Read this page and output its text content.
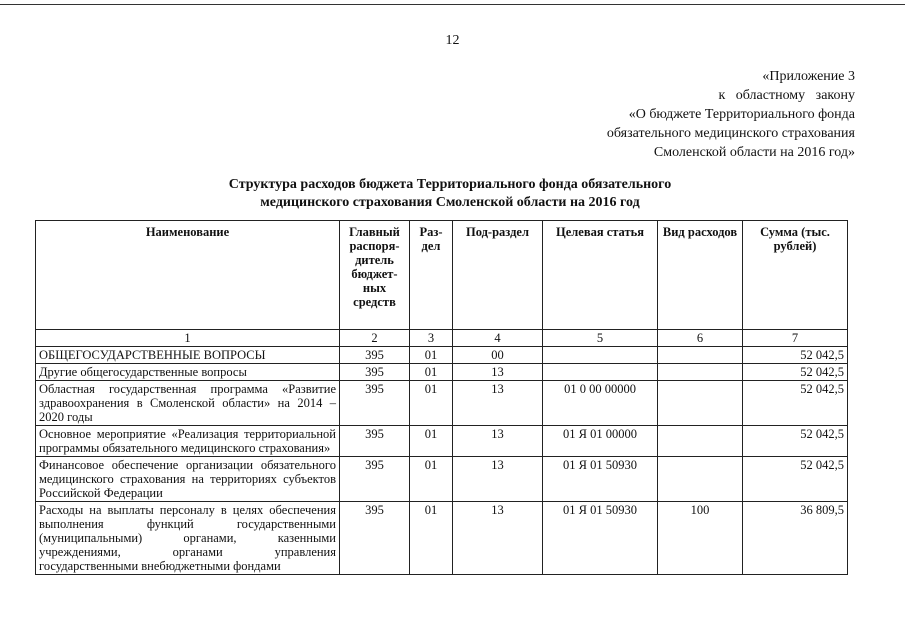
12
«Приложение 3
к областному закону
«О бюджете Территориального фонда
обязательного медицинского страхования
Смоленской области на 2016 год»
Структура расходов бюджета Территориального фонда обязательного
медицинского страхования Смоленской области на 2016 год
Наименование	Главный распоря-дитель бюджет-ных средств	Раз-дел	Под-раздел	Целевая статья	Вид расходов	Сумма (тыс. рублей)
1	2	3	4	5	6	7
ОБЩЕГОСУДАРСТВЕННЫЕ ВОПРОСЫ	395	01	00			52 042,5
Другие общегосударственные вопросы	395	01	13			52 042,5
Областная государственная программа «Развитие здравоохранения в Смоленской области» на 2014 – 2020 годы	395	01	13	01 0 00 00000		52 042,5
Основное мероприятие «Реализация территориальной программы обязательного медицинского страхования»	395	01	13	01 Я 01 00000		52 042,5
Финансовое обеспечение организации обязательного медицинского страхования на территориях субъектов Российской Федерации	395	01	13	01 Я 01 50930		52 042,5
Расходы на выплаты персоналу в целях обеспечения выполнения функций государственными (муниципальными) органами, казенными учреждениями, органами управления государственными внебюджетными фондами	395	01	13	01 Я 01 50930	100	36 809,5
